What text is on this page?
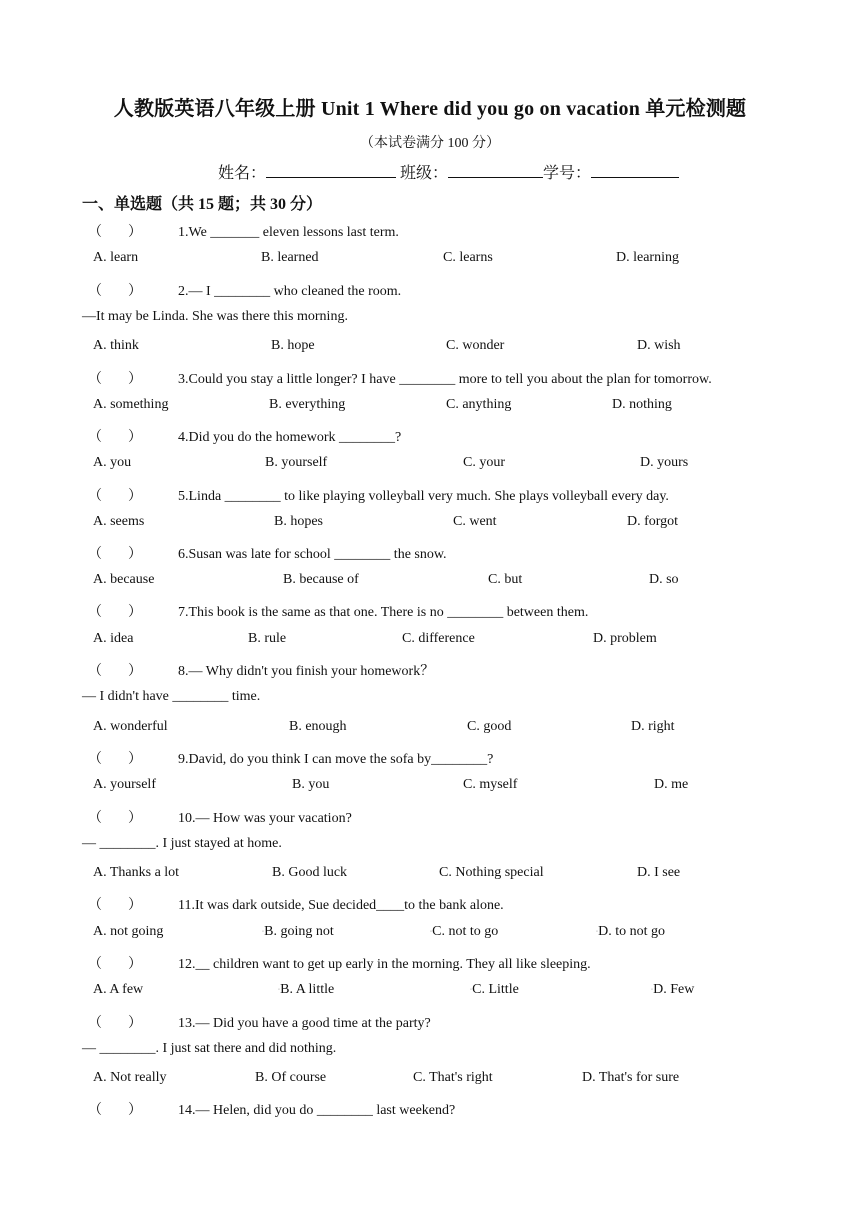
人教版英语八年级上册 Unit 1 Where did you go on vacation 单元检测题
（本试卷满分 100 分）
姓名：	班级：	学号：
一、单选题（共 15 题；共 30 分）
（ ）	1.We _______ eleven lessons last term.
A. learn	B. learned	C. learns	D. learning
（ ）	2.— I ________ who cleaned the room.
—It may be Linda. She was there this morning.
A. think	B. hope	C. wonder	D. wish
（ ）	3.Could you stay a little longer? I have ________ more to tell you about the plan for tomorrow.
A. something	B. everything	C. anything	D. nothing
（ ）	4.Did you do the homework ________?
A. you	B. yourself	C. your	D. yours
（ ）	5.Linda ________ to like playing volleyball very much. She plays volleyball every day.
A. seems	B. hopes	C. went	D. forgot
（ ）	6.Susan was late for school ________ the snow.
A. because	B. because of	C. but	D. so
（ ）	7.This book is the same as that one. There is no ________ between them.
A. idea	B. rule	C. difference	D. problem
（ ）	8.— Why didn't you finish your homework？
— I didn't have ________ time.
A. wonderful	B. enough	C. good	D. right
（ ）	9.David, do you think I can move the sofa by________?
A. yourself	B. you	C. myself	D. me
（ ）	10.— How was your vacation?
— ________. I just stayed at home.
A. Thanks a lot	B. Good luck	C. Nothing special	D. I see
（ ）	11.It was dark outside, Sue decided____to the bank alone.
A. not going	◦B. going not	◦C. not to go	◦D. to not go
（ ）	12.__ children want to get up early in the morning. They all like sleeping.
A. A few	◦B. A little	◦C. Little	◦D. Few
（ ）	13.— Did you have a good time at the party?
— ________. I just sat there and did nothing.
A. Not really	B. Of course	C. That's right	D. That's for sure
（ ）	14.— Helen, did you do ________ last weekend?
